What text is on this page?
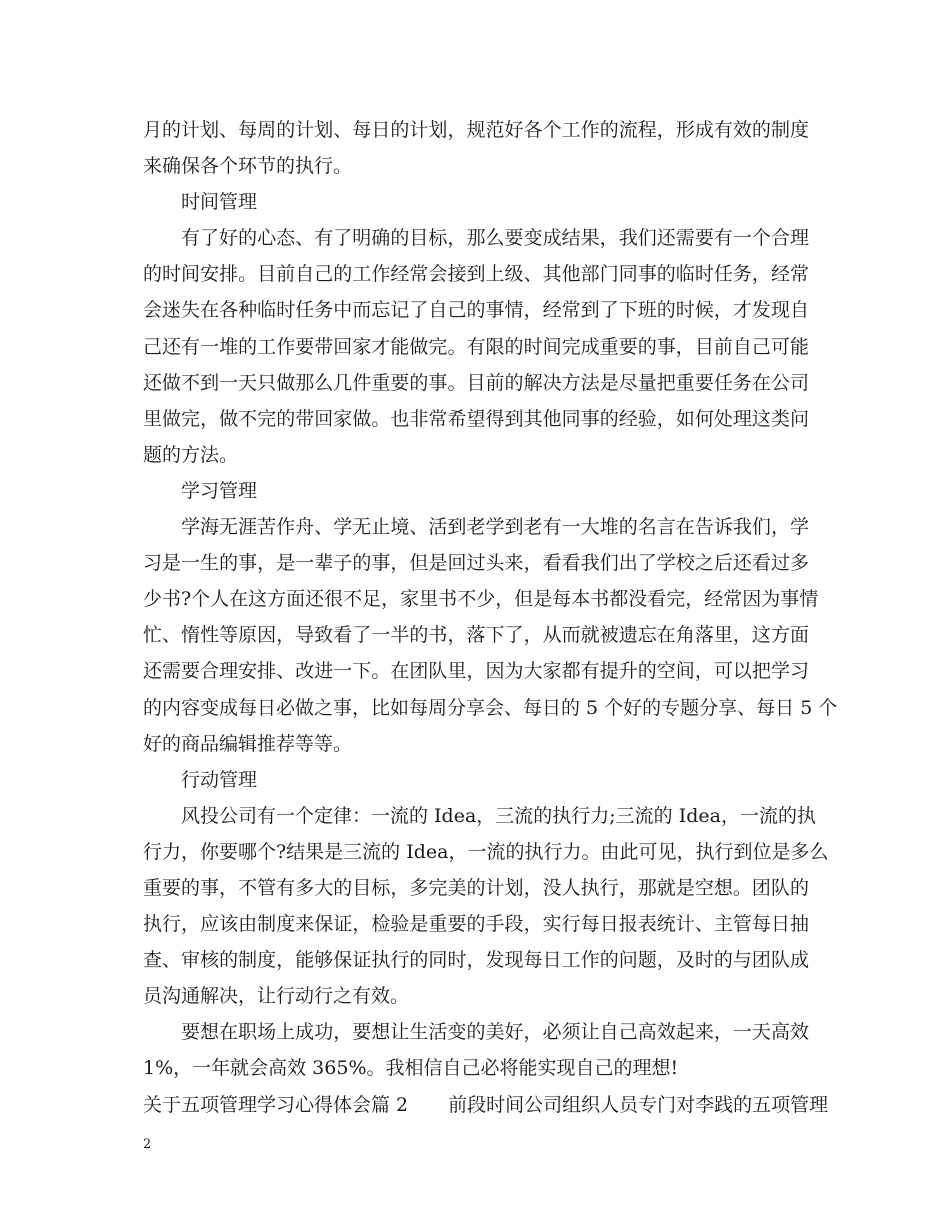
月的计划、每周的计划、每日的计划，规范好各个工作的流程，形成有效的制度
来确保各个环节的执行。
时间管理
有了好的心态、有了明确的目标，那么要变成结果，我们还需要有一个合理
的时间安排。目前自己的工作经常会接到上级、其他部门同事的临时任务，经常
会迷失在各种临时任务中而忘记了自己的事情，经常到了下班的时候，才发现自
己还有一堆的工作要带回家才能做完。有限的时间完成重要的事，目前自己可能
还做不到一天只做那么几件重要的事。目前的解决方法是尽量把重要任务在公司
里做完，做不完的带回家做。也非常希望得到其他同事的经验，如何处理这类问
题的方法。
学习管理
学海无涯苦作舟、学无止境、活到老学到老有一大堆的名言在告诉我们，学
习是一生的事，是一辈子的事，但是回过头来，看看我们出了学校之后还看过多
少书?个人在这方面还很不足，家里书不少，但是每本书都没看完，经常因为事情
忙、惰性等原因，导致看了一半的书，落下了，从而就被遗忘在角落里，这方面
还需要合理安排、改进一下。在团队里，因为大家都有提升的空间，可以把学习
的内容变成每日必做之事，比如每周分享会、每日的 5 个好的专题分享、每日 5 个
好的商品编辑推荐等等。
行动管理
风投公司有一个定律：一流的 Idea，三流的执行力;三流的 Idea，一流的执
行力，你要哪个?结果是三流的 Idea，一流的执行力。由此可见，执行到位是多么
重要的事，不管有多大的目标，多完美的计划，没人执行，那就是空想。团队的
执行，应该由制度来保证，检验是重要的手段，实行每日报表统计、主管每日抽
查、审核的制度，能够保证执行的同时，发现每日工作的问题，及时的与团队成
员沟通解决，让行动行之有效。
要想在职场上成功，要想让生活变的美好，必须让自己高效起来，一天高效
1%，一年就会高效 365%。我相信自己必将能实现自己的理想!
关于五项管理学习心得体会篇 2	前段时间公司组织人员专门对李践的五项管理
2
